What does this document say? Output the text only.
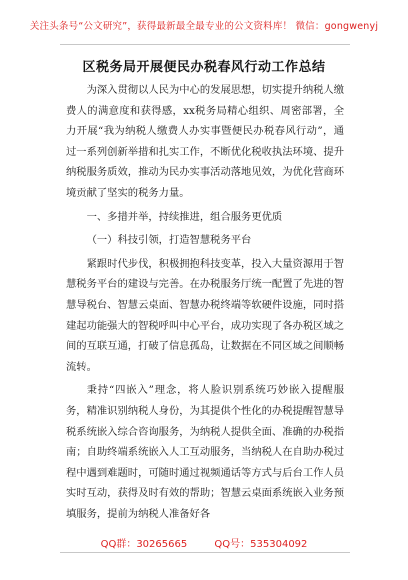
关注头条号“公文研究”，获得最新最全最专业的公文资料库！ 微信：gongwenyj
区税务局开展便民办税春风行动工作总结

为深入贯彻以人民为中心的发展思想，切实提升纳税人缴费人的满意度和获得感，xx税务局精心组织、周密部署，全力开展“我为纳税人缴费人办实事暨便民办税春风行动”，通过一系列创新举措和扎实工作，不断优化税收执法环境、提升纳税服务质效，推动为民办实事活动落地见效，为优化营商环境贡献了坚实的税务力量。

一、多措并举，持续推进，组合服务更优质

（一）科技引领，打造智慧税务平台

紧跟时代步伐，积极拥抱科技变革，投入大量资源用于智慧税务平台的建设与完善。在办税服务厅统一配置了先进的智慧导税台、智慧云桌面、智慧办税终端等软硬件设施，同时搭建起功能强大的智税呼叫中心平台，成功实现了各办税区域之间的互联互通，打破了信息孤岛，让数据在不同区域之间顺畅流转。

秉持“四嵌入”理念，将人脸识别系统巧妙嵌入提醒服务，精准识别纳税人身份，为其提供个性化的办税提醒智慧导税系统嵌入综合咨询服务，为纳税人提供全面、准确的办税指南；自助终端系统嵌入人工互动服务，当纳税人在自助办税过程中遇到难题时，可随时通过视频通话等方式与后台工作人员实时互动，获得及时有效的帮助；智慧云桌面系统嵌入业务预填服务，提前为纳税人准备好各

QQ群：30265665	QQ号：535304092
